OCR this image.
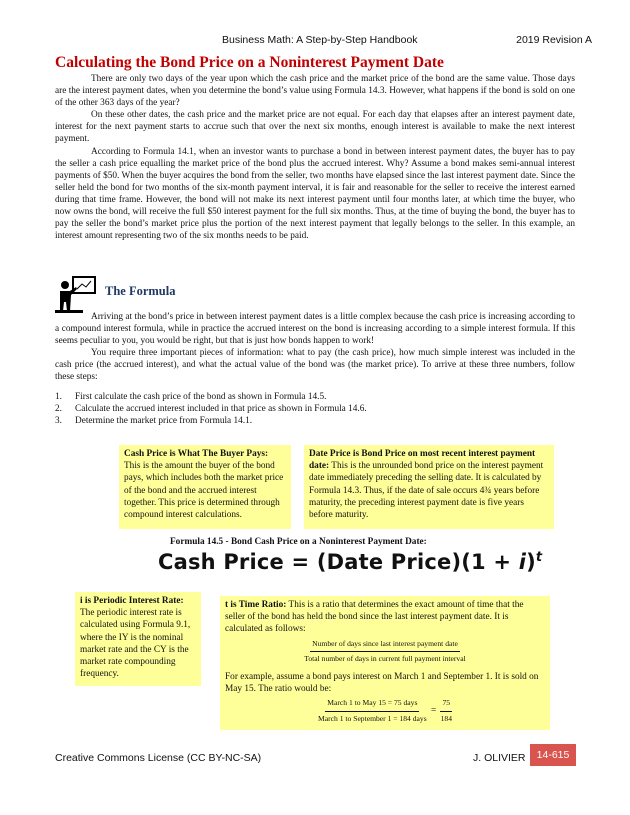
Business Math: A Step-by-Step Handbook	2019 Revision A
Calculating the Bond Price on a Noninterest Payment Date

There are only two days of the year upon which the cash price and the market price of the bond are the same value. Those days are the interest payment dates, when you determine the bond’s value using Formula 14.3. However, what happens if the bond is sold on one of the other 363 days of the year?

On these other dates, the cash price and the market price are not equal. For each day that elapses after an interest payment date, interest for the next payment starts to accrue such that over the next six months, enough interest is available to make the next interest payment.

According to Formula 14.1, when an investor wants to purchase a bond in between interest payment dates, the buyer has to pay the seller a cash price equalling the market price of the bond plus the accrued interest. Why? Assume a bond makes semi-annual interest payments of $50. When the buyer acquires the bond from the seller, two months have elapsed since the last interest payment date. Since the seller held the bond for two months of the six-month payment interval, it is fair and reasonable for the seller to receive the interest earned during that time frame. However, the bond will not make its next interest payment until four months later, at which time the buyer, who now owns the bond, will receive the full $50 interest payment for the full six months. Thus, at the time of buying the bond, the buyer has to pay the seller the bond’s market price plus the portion of the next interest payment that legally belongs to the seller. In this example, an interest amount representing two of the six months needs to be paid.

The Formula

Arriving at the bond’s price in between interest payment dates is a little complex because the cash price is increasing according to a compound interest formula, while in practice the accrued interest on the bond is increasing according to a simple interest formula. If this seems peculiar to you, you would be right, but that is just how bonds happen to work!

You require three important pieces of information: what to pay (the cash price), how much simple interest was included in the cash price (the accrued interest), and what the actual value of the bond was (the market price). To arrive at these three numbers, follow these steps:

1.	First calculate the cash price of the bond as shown in Formula 14.5.
2.	Calculate the accrued interest included in that price as shown in Formula 14.6.
3.	Determine the market price from Formula 14.1.
Cash Price is What The Buyer Pays: This is the amount the buyer of the bond pays, which includes both the market price of the bond and the accrued interest together. This price is determined through compound interest calculations.
Date Price is Bond Price on most recent interest payment date: This is the unrounded bond price on the interest payment date immediately preceding the selling date. It is calculated by Formula 14.3. Thus, if the date of sale occurs 4¾ years before maturity, the preceding interest payment date is five years before maturity.
Formula 14.5 - Bond Cash Price on a Noninterest Payment Date:
Cash Price = (Date Price)(1 + i)$^t$
i is Periodic Interest Rate: The periodic interest rate is calculated using Formula 9.1, where the IY is the nominal market rate and the CY is the market rate compounding frequency.
t is Time Ratio: This is a ratio that determines the exact amount of time that the seller of the bond has held the bond since the last interest payment date. It is calculated as follows:
$\frac{\text{Number of days since last interest payment date}}{\text{Total number of days in current full payment interval}}$
For example, assume a bond pays interest on March 1 and September 1. It is sold on May 15. The ratio would be:
$\frac{\text{March 1 to May 15 = 75 days}}{\text{March 1 to September 1 = 184 days}} = \frac{75}{184}$
Creative Commons License (CC BY-NC-SA)	J. OLIVIER	14-615
